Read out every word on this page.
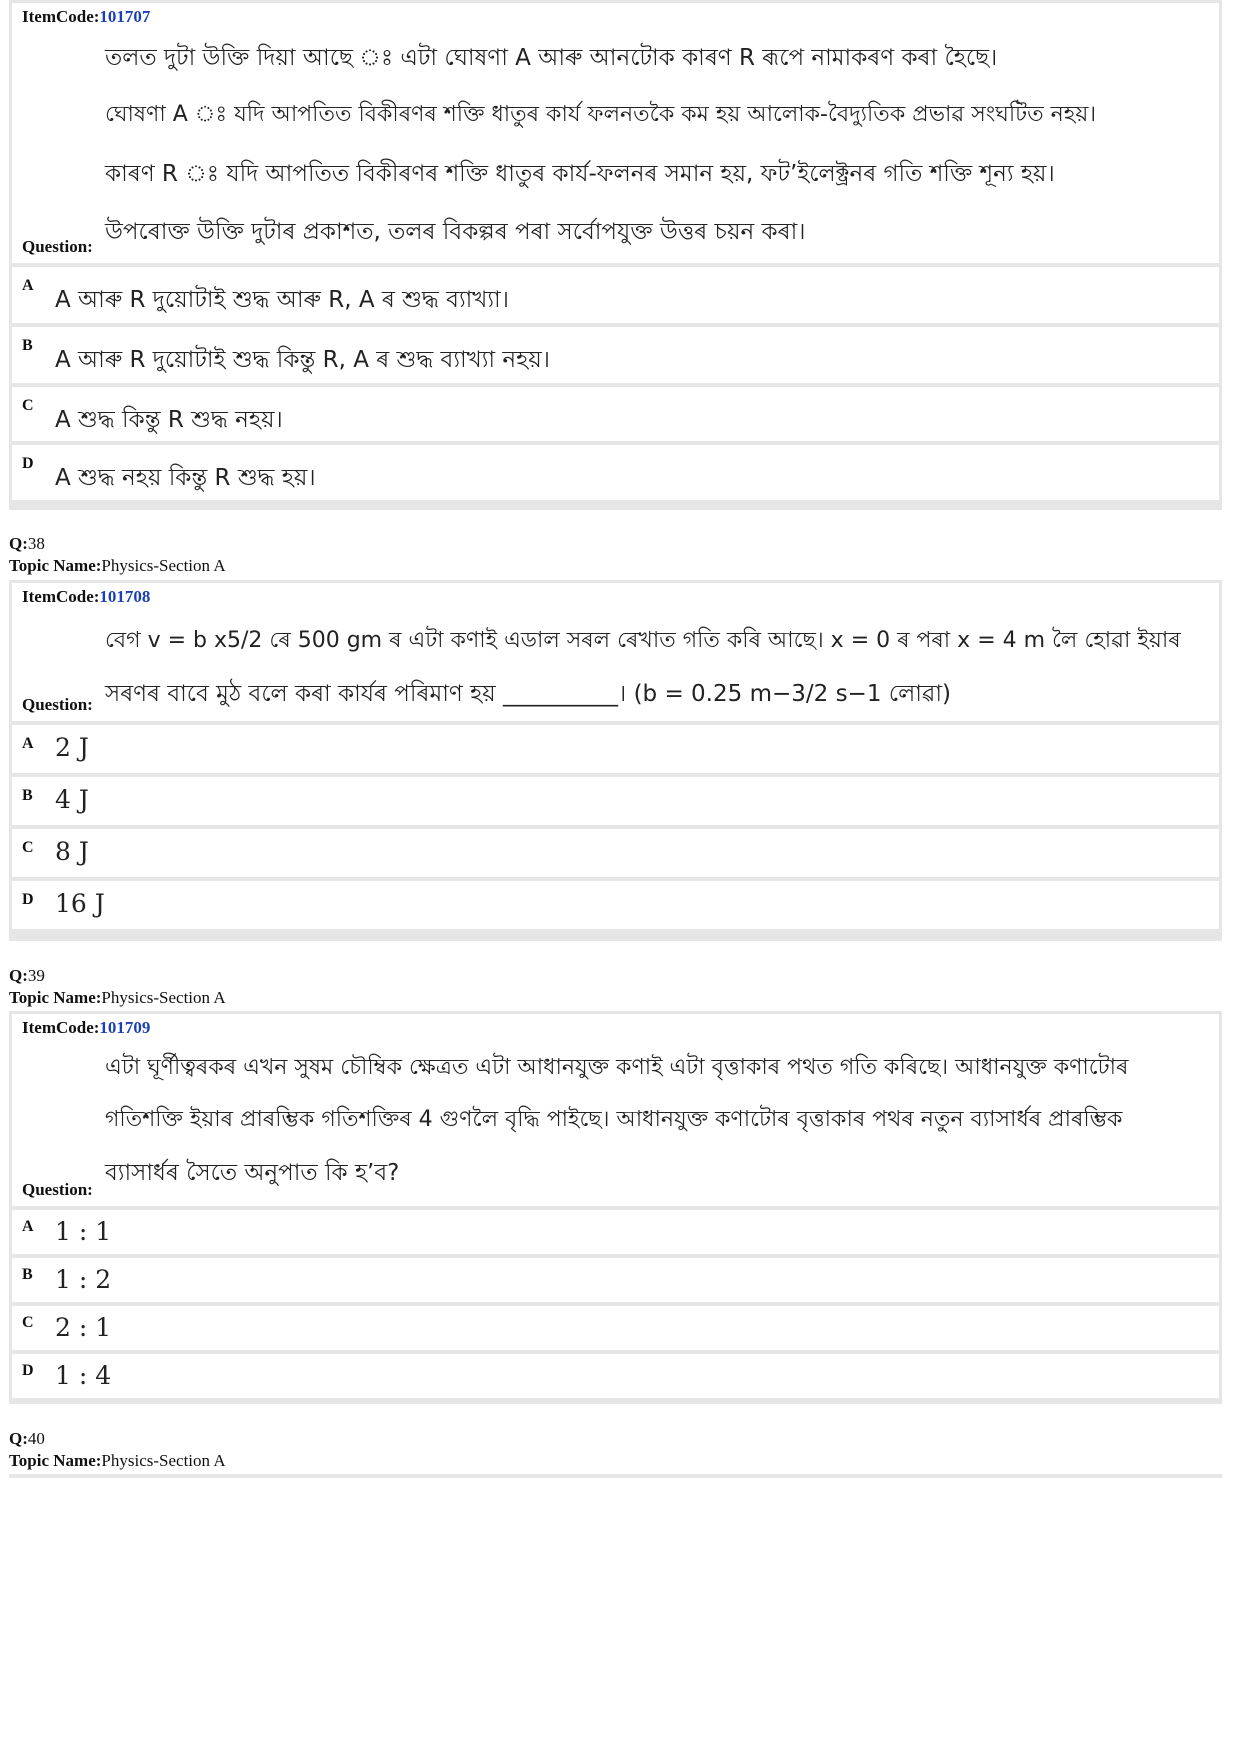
ItemCode:101707
তলত দুটা উক্তি দিয়া আছে ঃ এটা ঘোষণা A আৰু আনটোক কাৰণ R ৰূপে নামাকৰণ কৰা হৈছে।
ঘোষণা A ঃ যদি আপতিত বিকীৰণৰ শক্তি ধাতুৰ কাৰ্য ফলনতকৈ কম হয় আলোক-বৈদ্যুতিক প্ৰভাৱ সংঘটিত নহয়।
কাৰণ R ঃ যদি আপতিত বিকীৰণৰ শক্তি ধাতুৰ কাৰ্য-ফলনৰ সমান হয়, ফট’ইলেক্ট্ৰনৰ গতি শক্তি শূন্য হয়।
উপৰোক্ত উক্তি দুটাৰ প্ৰকাশত, তলৰ বিকল্পৰ পৰা সৰ্বোপযুক্ত উত্তৰ চয়ন কৰা।
Question:
A
A আৰু R দুয়োটাই শুদ্ধ আৰু R, A ৰ শুদ্ধ ব্যাখ্যা।
B
A আৰু R দুয়োটাই শুদ্ধ কিন্তু R, A ৰ শুদ্ধ ব্যাখ্যা নহয়।
C
A শুদ্ধ কিন্তু R শুদ্ধ নহয়।
D
A শুদ্ধ নহয় কিন্তু R শুদ্ধ হয়।
Q:38
Topic Name:Physics-Section A
ItemCode:101708
বেগ v = b x5/2 ৰে 500 gm ৰ এটা কণাই এডাল সৰল ৰেখাত গতি কৰি আছে। x = 0 ৰ পৰা x = 4 m লৈ হোৱা ইয়াৰ
সৰণৰ বাবে মুঠ বলে কৰা কাৰ্যৰ পৰিমাণ হয় __________। (b = 0.25 m−3/2 s−1 লোৱা)
Question:
A 2 J
B 4 J
C 8 J
D 16 J
Q:39
Topic Name:Physics-Section A
ItemCode:101709
এটা ঘূৰ্ণীত্বৰকৰ এখন সুষম চৌম্বিক ক্ষেত্ৰত এটা আধানযুক্ত কণাই এটা বৃত্তাকাৰ পথত গতি কৰিছে। আধানযুক্ত কণাটোৰ
গতিশক্তি ইয়াৰ প্ৰাৰম্ভিক গতিশক্তিৰ 4 গুণলৈ বৃদ্ধি পাইছে। আধানযুক্ত কণাটোৰ বৃত্তাকাৰ পথৰ নতুন ব্যাসাৰ্ধৰ প্ৰাৰম্ভিক
ব্যাসাৰ্ধৰ সৈতে অনুপাত কি হ’ব?
Question:
A 1 : 1
B 1 : 2
C 2 : 1
D 1 : 4
Q:40
Topic Name:Physics-Section A
